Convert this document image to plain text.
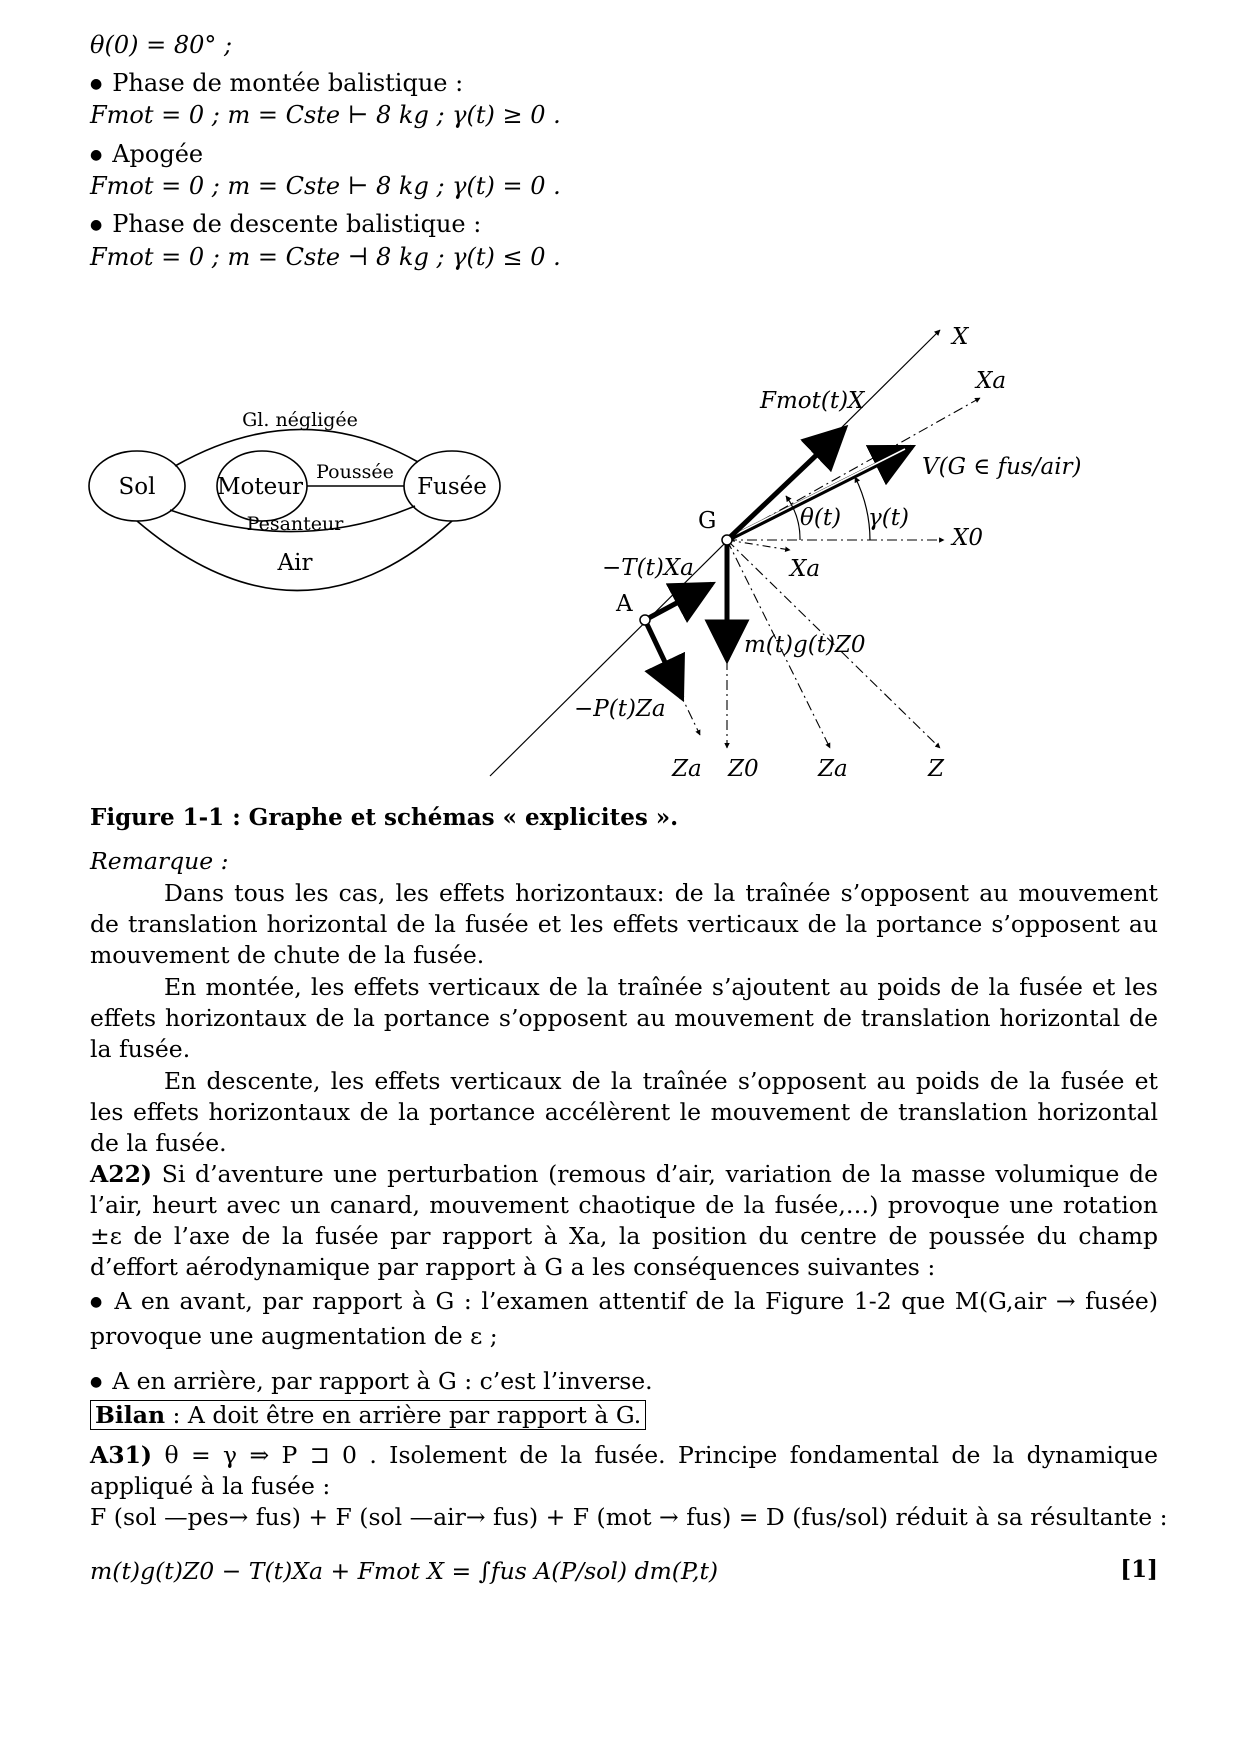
θ(0) = 80° ;
● Phase de montée balistique :
Fmot = 0 ; m = Cste ⊢ 8 kg ; γ(t) ≥ 0 .
● Apogée
Fmot = 0 ; m = Cste ⊢ 8 kg ; γ(t) = 0 .
● Phase de descente balistique :
Fmot = 0 ; m = Cste ⊣ 8 kg ; γ(t) ≤ 0 .
Sol	Moteur	Fusée
Gl. négligée
Poussée
Pesanteur
Air
X
Xa
Fmot(t)X
V(G ∈ fus/air)
G	θ(t) γ(t)
X0
−T(t)Xa	Xa
A
m(t)g(t)Z0
−P(t)Za
Za Z0	Za	Z
Figure 1-1 : Graphe et schémas « explicites ».
Remarque :
Dans tous les cas, les effets horizontaux: de la traînée s’opposent au mouvement de translation horizontal de la fusée et les effets verticaux de la portance s’opposent au mouvement de chute de la fusée.
En montée, les effets verticaux de la traînée s’ajoutent au poids de la fusée et les effets horizontaux de la portance s’opposent au mouvement de translation horizontal de la fusée.
En descente, les effets verticaux de la traînée s’opposent au poids de la fusée et les effets horizontaux de la portance accélèrent le mouvement de translation horizontal de la fusée.
A22) Si d’aventure une perturbation (remous d’air, variation de la masse volumique de l’air, heurt avec un canard, mouvement chaotique de la fusée,…) provoque une rotation ±ε de l’axe de la fusée par rapport à Xa, la position du centre de poussée du champ d’effort aérodynamique par rapport à G a les conséquences suivantes :
● A en avant, par rapport à G : l’examen attentif de la Figure 1-2 que M(G,air → fusée) provoque une augmentation de ε ;
● A en arrière, par rapport à G : c’est l’inverse.
Bilan : A doit être en arrière par rapport à G.
A31) θ = γ ⇒ P ⊐ 0 . Isolement de la fusée. Principe fondamental de la dynamique appliqué à la fusée :
F (sol —pes→ fus) + F (sol —air→ fus) + F (mot → fus) = D (fus/sol) réduit à sa résultante :
m(t)g(t)Z0 − T(t)Xa + Fmot X = ∫fus A(P/sol) dm(P,t)	[1]
